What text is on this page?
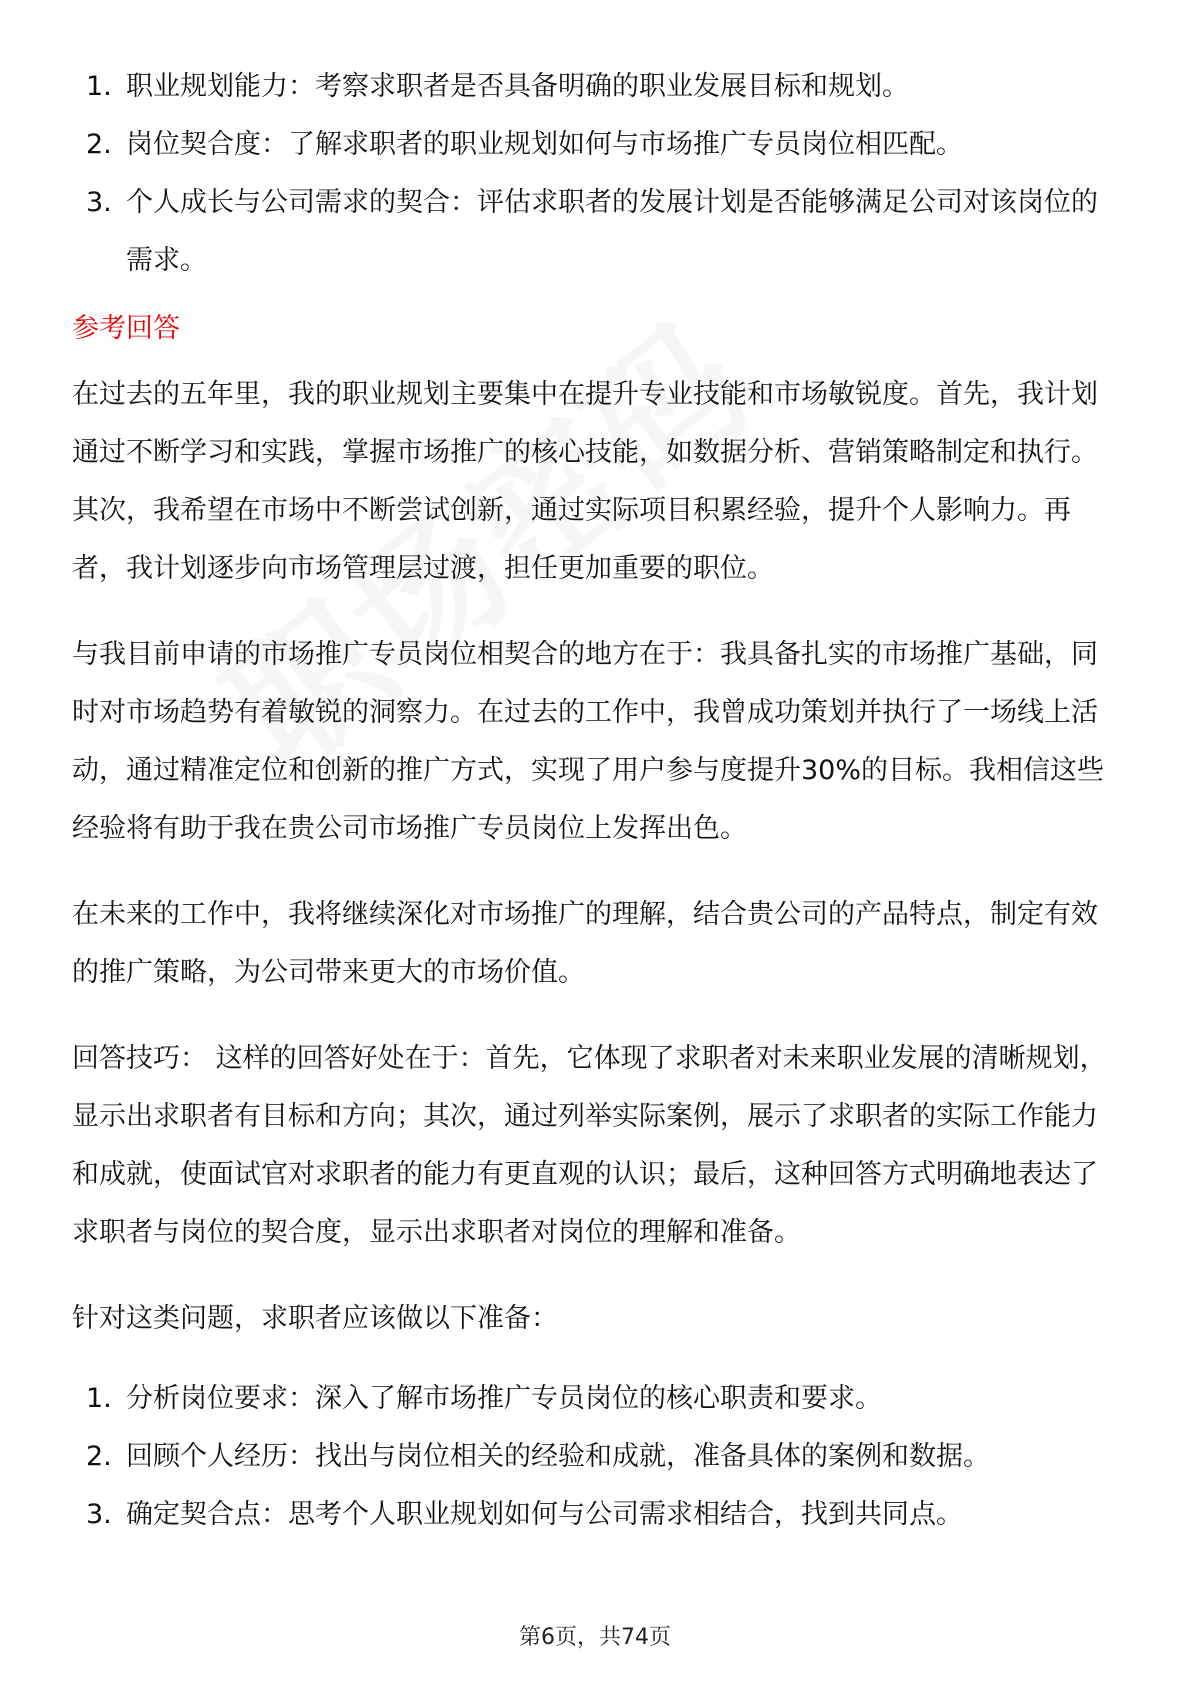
1. 职业规划能力：考察求职者是否具备明确的职业发展目标和规划。
2. 岗位契合度：了解求职者的职业规划如何与市场推广专员岗位相匹配。
3. 个人成长与公司需求的契合：评估求职者的发展计划是否能够满足公司对该岗位的需求。
参考回答

在过去的五年里，我的职业规划主要集中在提升专业技能和市场敏锐度。首先，我计划通过不断学习和实践，掌握市场推广的核心技能，如数据分析、营销策略制定和执行。其次，我希望在市场中不断尝试创新，通过实际项目积累经验，提升个人影响力。再者，我计划逐步向市场管理层过渡，担任更加重要的职位。

与我目前申请的市场推广专员岗位相契合的地方在于：我具备扎实的市场推广基础，同时对市场趋势有着敏锐的洞察力。在过去的工作中，我曾成功策划并执行了一场线上活动，通过精准定位和创新的推广方式，实现了用户参与度提升30%的目标。我相信这些经验将有助于我在贵公司市场推广专员岗位上发挥出色。

在未来的工作中，我将继续深化对市场推广的理解，结合贵公司的产品特点，制定有效的推广策略，为公司带来更大的市场价值。

回答技巧： 这样的回答好处在于：首先，它体现了求职者对未来职业发展的清晰规划，显示出求职者有目标和方向；其次，通过列举实际案例，展示了求职者的实际工作能力和成就，使面试官对求职者的能力有更直观的认识；最后，这种回答方式明确地表达了求职者与岗位的契合度，显示出求职者对岗位的理解和准备。

针对这类问题，求职者应该做以下准备：

1. 分析岗位要求：深入了解市场推广专员岗位的核心职责和要求。
2. 回顾个人经历：找出与岗位相关的经验和成就，准备具体的案例和数据。
3. 确定契合点：思考个人职业规划如何与公司需求相结合，找到共同点。
第6页，共74页
